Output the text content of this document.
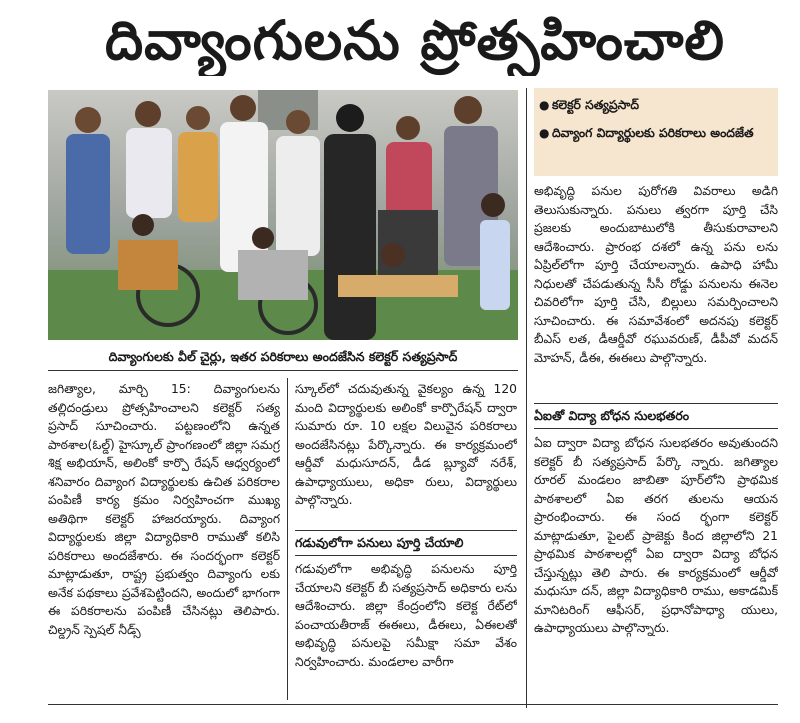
దివ్యాంగులను ప్రోత్సహించాలి
దివ్యాంగులకు వీల్ చైర్లు, ఇతర పరికరాలు అందజేసిన కలెక్టర్ సత్యప్రసాద్
● కలెక్టర్ సత్యప్రసాద్
● దివ్యాంగ విద్యార్థులకు పరికరాలు అందజేత
జగిత్యాల, మార్చి 15: దివ్యాంగులను తల్లిదండ్రులు ప్రోత్సహించాలని కలెక్టర్ సత్య ప్రసాద్ సూచించారు. పట్టణంలోని ఉన్నత పాఠశాల(ఓల్డ్) హైస్కూల్ ప్రాంగణంలో జిల్లా సమగ్ర శిక్ష అభియాన్, అలింకో కార్పొ రేషన్ ఆధ్వర్యంలో శనివారం దివ్యాంగ విద్యార్థులకు ఉచిత పరికరాల పంపిణీ కార్య క్రమం నిర్వహించగా ముఖ్య అతిథిగా కలెక్టర్ హాజరయ్యారు. దివ్యాంగ విద్యార్థులకు జిల్లా విద్యాధికారి రాముతో కలిసి పరికరాలు అందజేశారు. ఈ సందర్భంగా కలెక్టర్ మాట్లాడుతూ, రాష్ట్ర ప్రభుత్వం దివ్యాంగు లకు అనేక పథకాలు ప్రవేశపెట్టిందని, అందులో భాగంగా ఈ పరికరాలను పంపిణీ చేసినట్లు తెలిపారు. చిల్డ్రన్ స్పెషల్ నీడ్స్
స్కూల్‌లో చదువుతున్న వైకల్యం ఉన్న 120 మంది విద్యార్థులకు అలింకో కార్పొరేషన్ ద్వారా సుమారు రూ. 10 లక్షల విలువైన పరికరాలు అందజేసినట్లు పేర్కొన్నారు. ఈ కార్యక్రమంలో ఆర్డీవో మధుసూదన్, డీడ బ్ల్యూవో నరేశ్, ఉపాధ్యాయులు, అధికా రులు, విద్యార్థులు పాల్గొన్నారు.
గడువులోగా పనులు పూర్తి చేయాలి
గడువులోగా అభివృద్ధి పనులను పూర్తి చేయాలని కలెక్టర్ బీ సత్యప్రసాద్ అధికారు లను ఆదేశించారు. జిల్లా కేంద్రంలోని కలెక్ట రేట్‌లో పంచాయతీరాజ్ ఈఈలు, డీఈలు, ఏఈలతో అభివృద్ధి పనులపై సమీక్షా సమా వేశం నిర్వహించారు. మండలాల వారీగా
అభివృద్ధి పనుల పురోగతి వివరాలు అడిగి తెలుసుకున్నారు. పనులు త్వరగా పూర్తి చేసి ప్రజలకు అందుబాటులోకి తీసుకురావాలని ఆదేశించారు. ప్రారంభ దశలో ఉన్న పను లను ఏప్రిల్‌లోగా పూర్తి చేయాలన్నారు. ఉపాధి హామీ నిధులతో చేపడుతున్న సీసీ రోడ్డు పనులను ఈనెల చివరిలోగా పూర్తి చేసి, బిల్లులు సమర్పించాలని సూచించారు. ఈ సమావేశంలో అదనపు కలెక్టర్ బీఎస్ లత, డీఆర్డీవో రఘువరుణ్, డీపీవో మదన్ మోహన్, డీఈ, ఈఈలు పాల్గొన్నారు.
ఏఐతో విద్యా బోధన సులభతరం
ఏఐ ద్వారా విద్యా బోధన సులభతరం అవుతుందని కలెక్టర్ బీ సత్యప్రసాద్ పేర్కొ న్నారు. జగిత్యాల రూరల్ మండలం జాబితా పూర్‌లోని ప్రాథమిక పాఠశాలలో ఏఐ తరగ తులను ఆయన ప్రారంభించారు. ఈ సంద ర్భంగా కలెక్టర్ మాట్లాడుతూ, పైలట్ ప్రాజెక్టు కింద జిల్లాలోని 21 ప్రాథమిక పాఠశాలల్లో ఏఐ ద్వారా విద్యా బోధన చేస్తున్నట్లు తెలి పారు. ఈ కార్యక్రమంలో ఆర్డీవో మధుసూ దన్, జిల్లా విద్యాధికారి రాము, అకాడమిక్ మానిటరింగ్ ఆఫీసర్, ప్రధానోపాధ్యా యులు, ఉపాధ్యాయులు పాల్గొన్నారు.
